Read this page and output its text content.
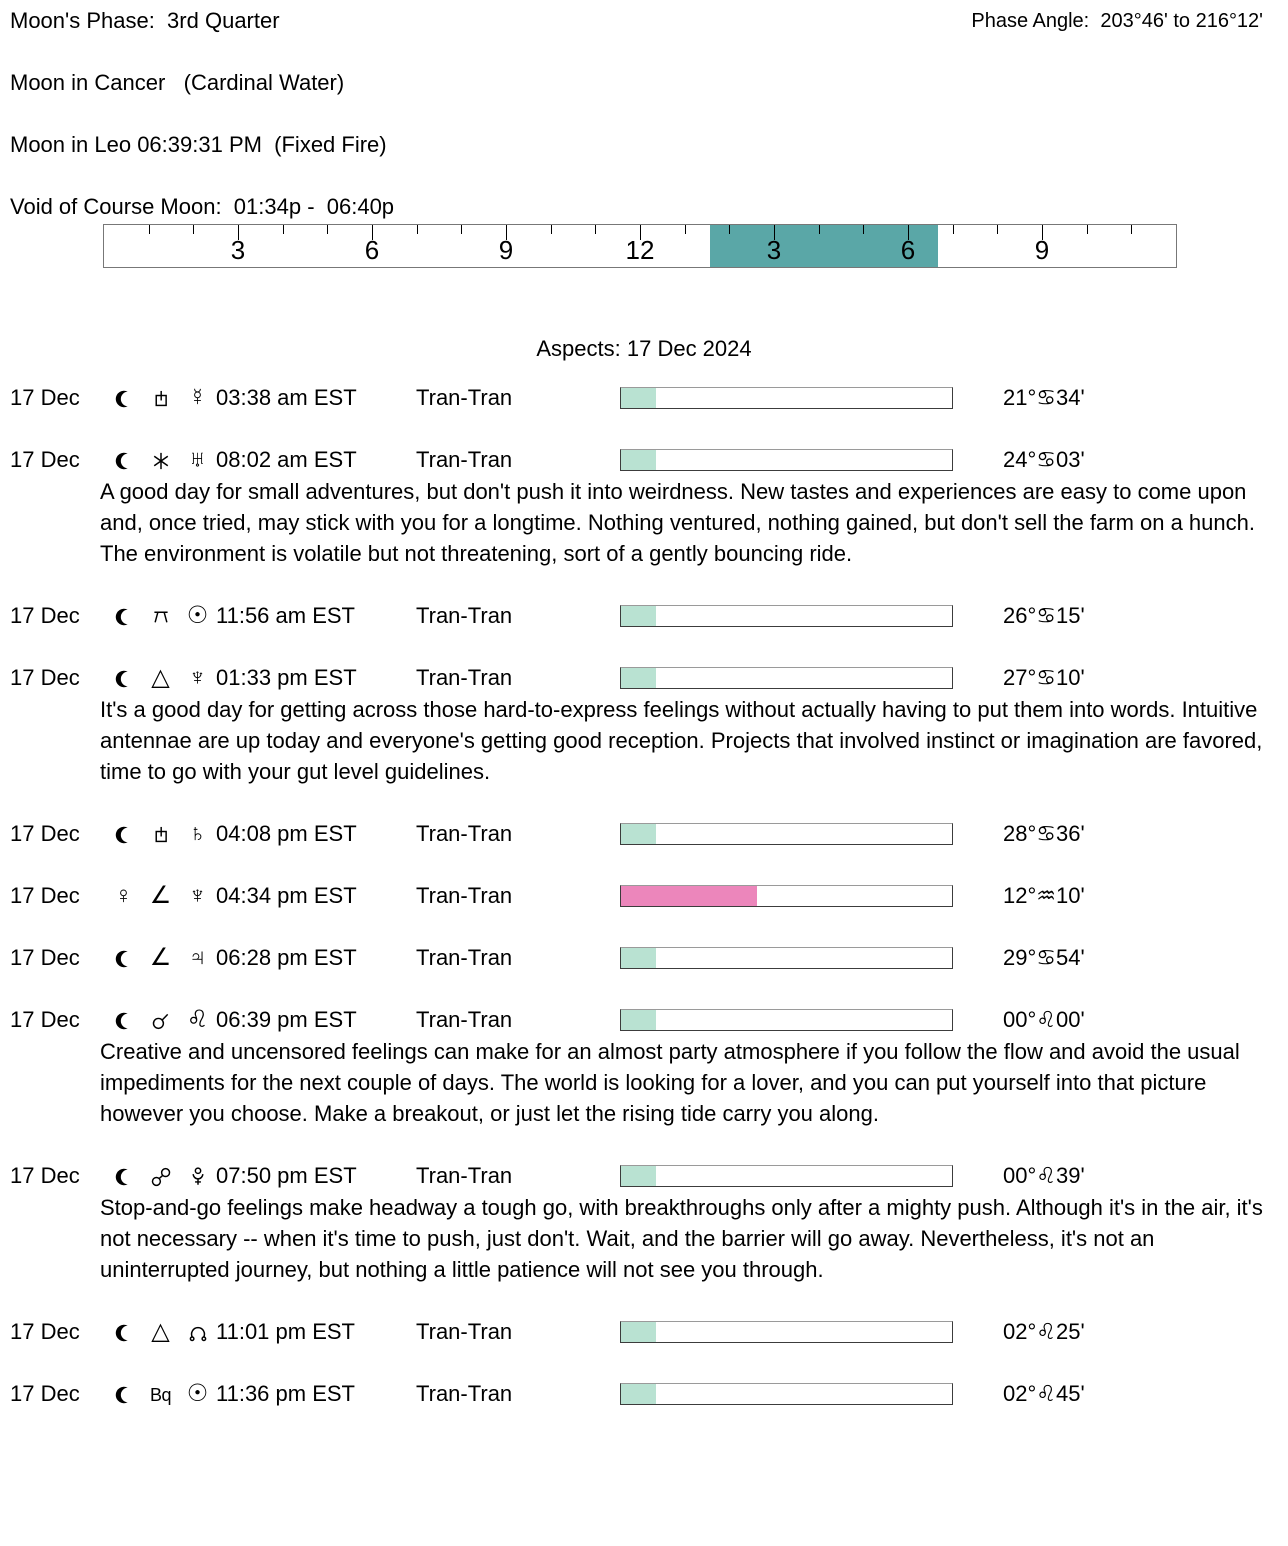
Moon's Phase:  3rd Quarter	Phase Angle:  203°46' to 216°12'
Moon in Cancer   (Cardinal Water)
Moon in Leo 06:39:31 PM  (Fixed Fire)
Void of Course Moon:  01:34p -  06:40p
3	6	9	12	3	6	9
Aspects: 17 Dec 2024
17 Dec	☿ 03:38 am EST	Tran-Tran	21°♋34'
17 Dec	♅ 08:02 am EST	Tran-Tran	24°♋03'
A good day for small adventures, but don't push it into weirdness. New tastes and experiences are easy to come upon and, once tried, may stick with you for a longtime. Nothing ventured, nothing gained, but don't sell the farm on a hunch. The environment is volatile but not threatening, sort of a gently bouncing ride.
17 Dec	☉ 11:56 am EST	Tran-Tran	26°♋15'
17 Dec	△ ♆ 01:33 pm EST	Tran-Tran	27°♋10'
It's a good day for getting across those hard-to-express feelings without actually having to put them into words. Intuitive antennae are up today and everyone's getting good reception. Projects that involved instinct or imagination are favored, time to go with your gut level guidelines.
17 Dec	♄ 04:08 pm EST	Tran-Tran	28°♋36'
17 Dec	♀ ∠ ♆ 04:34 pm EST	Tran-Tran	12°♒10'
17 Dec	∠ ♃ 06:28 pm EST	Tran-Tran	29°♋54'
17 Dec	♌ 06:39 pm EST	Tran-Tran	00°♌00'
Creative and uncensored feelings can make for an almost party atmosphere if you follow the flow and avoid the usual impediments for the next couple of days. The world is looking for a lover, and you can put yourself into that picture however you choose. Make a breakout, or just let the rising tide carry you along.
17 Dec	07:50 pm EST	Tran-Tran	00°♌39'
Stop-and-go feelings make headway a tough go, with breakthroughs only after a mighty push. Although it's in the air, it's not necessary -- when it's time to push, just don't. Wait, and the barrier will go away. Nevertheless, it's not an uninterrupted journey, but nothing a little patience will not see you through.
17 Dec	△	11:01 pm EST	Tran-Tran	02°♌25'
17 Dec	Bq ☉ 11:36 pm EST	Tran-Tran	02°♌45'
